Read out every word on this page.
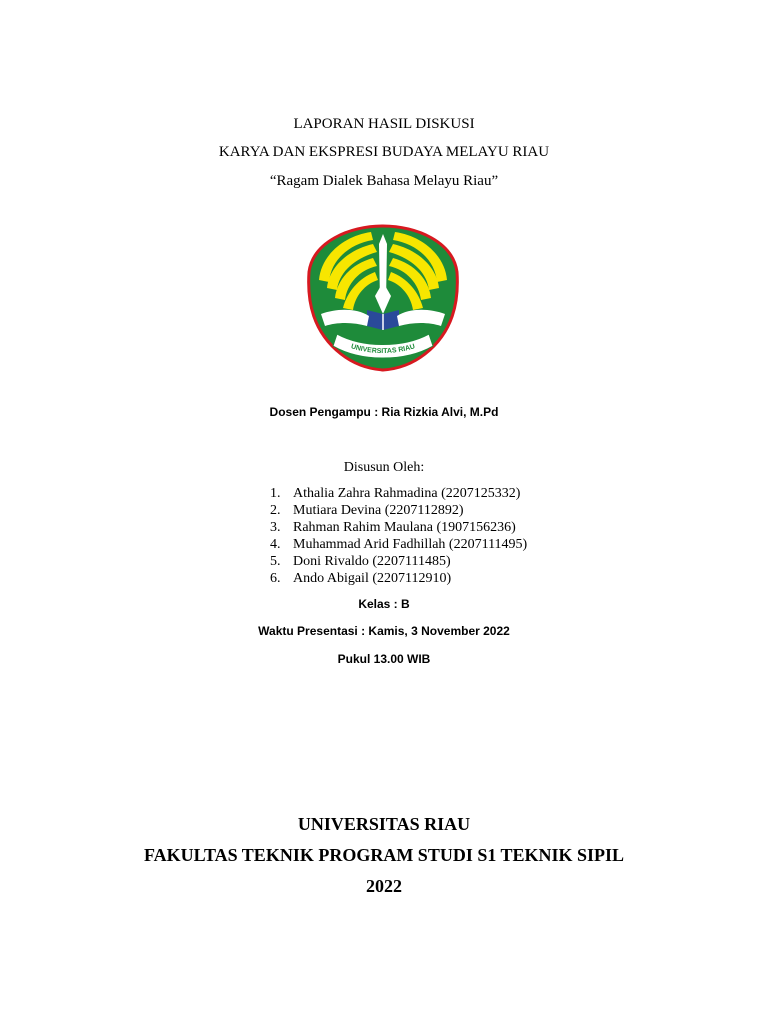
LAPORAN HASIL DISKUSI
KARYA DAN EKSPRESI BUDAYA MELAYU RIAU
“Ragam Dialek Bahasa Melayu Riau”
UNIVERSITAS RIAU
Dosen Pengampu : Ria Rizkia Alvi, M.Pd
Disusun Oleh:
1. Athalia Zahra Rahmadina (2207125332)
2. Mutiara Devina (2207112892)
3. Rahman Rahim Maulana (1907156236)
4. Muhammad Arid Fadhillah (2207111495)
5. Doni Rivaldo (2207111485)
6. Ando Abigail (2207112910)
Kelas : B
Waktu Presentasi : Kamis, 3 November 2022
Pukul 13.00 WIB
UNIVERSITAS RIAU
FAKULTAS TEKNIK PROGRAM STUDI S1 TEKNIK SIPIL
2022
